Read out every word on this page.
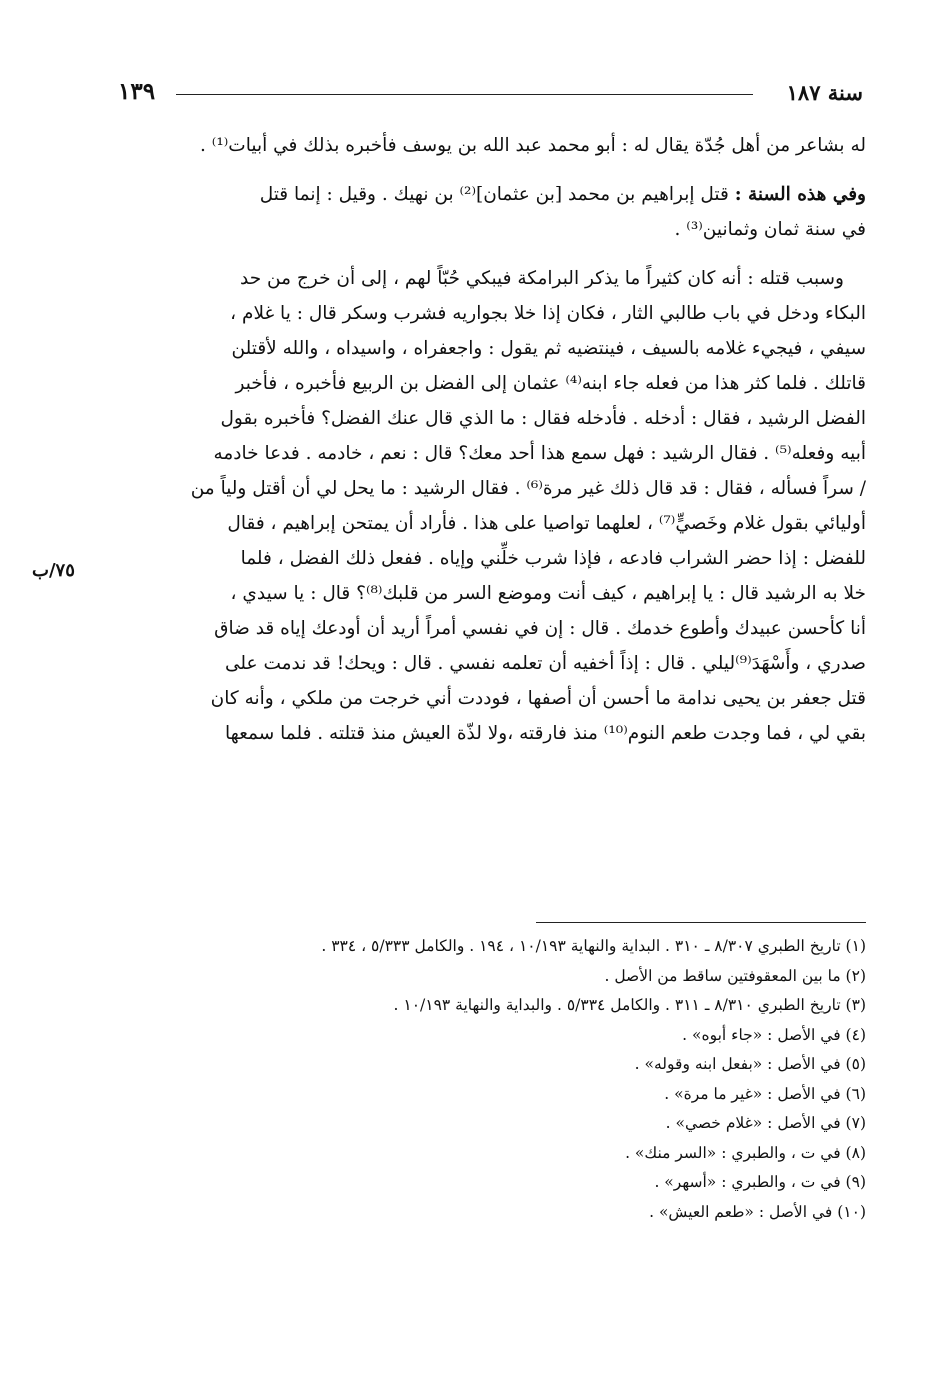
سنة ١٨٧
١٣٩
٧٥/ب
له بشاعر من أهل جُدّة يقال له : أبو محمد عبد الله بن يوسف فأخبره بذلك في أبيات⁽¹⁾ .
وفي هذه السنة : قتل إبراهيم بن محمد [بن عثمان]⁽²⁾ بن نهيك . وقيل : إنما قتل
في سنة ثمان وثمانين⁽³⁾ .
وسبب قتله : أنه كان كثيراً ما يذكر البرامكة فيبكي حُبّاً لهم ، إلى أن خرج من حد
البكاء ودخل في باب طالبي الثار ، فكان إذا خلا بجواريه فشرب وسكر قال : يا غلام ،
سيفي ، فيجيء غلامه بالسيف ، فينتضيه ثم يقول : واجعفراه ، واسيداه ، والله لأقتلن
قاتلك . فلما كثر هذا من فعله جاء ابنه⁽⁴⁾ عثمان إلى الفضل بن الربيع فأخبره ، فأخبر
الفضل الرشيد ، فقال : أدخله . فأدخله فقال : ما الذي قال عنك الفضل؟ فأخبره بقول
أبيه وفعله⁽⁵⁾ . فقال الرشيد : فهل سمع هذا أحد معك؟ قال : نعم ، خادمه . فدعا خادمه
/ سراً فسأله ، فقال : قد قال ذلك غير مرة⁽⁶⁾ . فقال الرشيد : ما يحل لي أن أقتل ولياً من
أوليائي بقول غلام وخَصيٍّ⁽⁷⁾ ، لعلهما تواصيا على هذا . فأراد أن يمتحن إبراهيم ، فقال
للفضل : إذا حضر الشراب فادعه ، فإذا شرب خلِّني وإياه . ففعل ذلك الفضل ، فلما
خلا به الرشيد قال : يا إبراهيم ، كيف أنت وموضع السر من قلبك⁽⁸⁾؟ قال : يا سيدي ،
أنا كأحسن عبيدك وأطوع خدمك . قال : إن في نفسي أمراً أريد أن أودعك إياه قد ضاق
صدري ، وأَسْهَدَ⁽⁹⁾ليلي . قال : إذاً أخفيه أن تعلمه نفسي . قال : ويحك! قد ندمت على
قتل جعفر بن يحيى ندامة ما أحسن أن أصفها ، فوددت أني خرجت من ملكي ، وأنه كان
بقي لي ، فما وجدت طعم النوم⁽¹⁰⁾ منذ فارقته ،ولا لذّة العيش منذ قتلته . فلما سمعها
(١) تاريخ الطبري ٨/٣٠٧ ـ ٣١٠ . البداية والنهاية ١٠/١٩٣ ، ١٩٤ . والكامل ٥/٣٣٣ ، ٣٣٤ .
(٢) ما بين المعقوفتين ساقط من الأصل .
(٣) تاريخ الطبري ٨/٣١٠ ـ ٣١١ . والكامل ٥/٣٣٤ . والبداية والنهاية ١٠/١٩٣ .
(٤) في الأصل : «جاء أبوه» .
(٥) في الأصل : «بفعل ابنه وقوله» .
(٦) في الأصل : «غير ما مرة» .
(٧) في الأصل : «غلام خصي» .
(٨) في ت ، والطبري : «السر منك» .
(٩) في ت ، والطبري : «أسهر» .
(١٠) في الأصل : «طعم العيش» .
